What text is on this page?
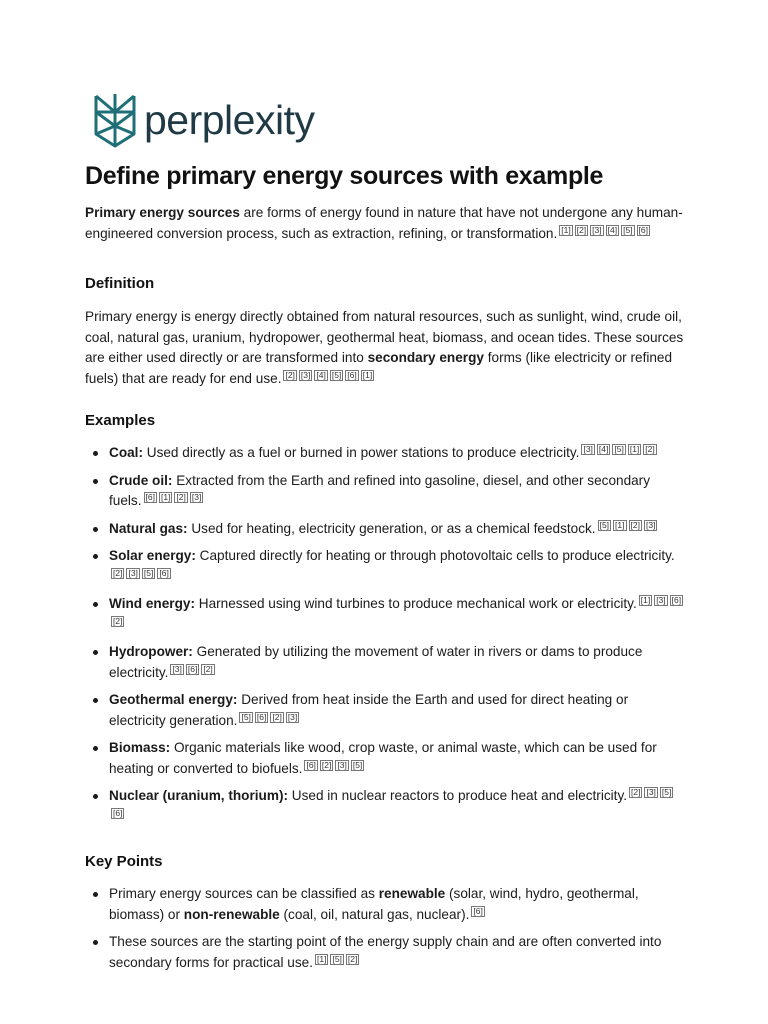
perplexity
Define primary energy sources with example

Primary energy sources are forms of energy found in nature that have not undergone any human-engineered conversion process, such as extraction, refining, or transformation. [1] [2] [3] [4] [5] [6]

Definition

Primary energy is energy directly obtained from natural resources, such as sunlight, wind, crude oil, coal, natural gas, uranium, hydropower, geothermal heat, biomass, and ocean tides. These sources are either used directly or are transformed into secondary energy forms (like electricity or refined fuels) that are ready for end use. [2] [3] [4] [5] [6] [1]

Examples
Coal: Used directly as a fuel or burned in power stations to produce electricity. [3] [4] [5] [1] [2]
Crude oil: Extracted from the Earth and refined into gasoline, diesel, and other secondary fuels. [6] [1] [2] [3]
Natural gas: Used for heating, electricity generation, or as a chemical feedstock. [5] [1] [2] [3]
Solar energy: Captured directly for heating or through photovoltaic cells to produce electricity.[2] [3] [5] [6]
Wind energy: Harnessed using wind turbines to produce mechanical work or electricity. [1] [3] [6][2]
Hydropower: Generated by utilizing the movement of water in rivers or dams to produce electricity. [3] [6] [2]
Geothermal energy: Derived from heat inside the Earth and used for direct heating or electricity generation. [5] [6] [2] [3]
Biomass: Organic materials like wood, crop waste, or animal waste, which can be used for heating or converted to biofuels. [6] [2] [3] [5]
Nuclear (uranium, thorium): Used in nuclear reactors to produce heat and electricity. [2] [3] [5][6]
Key Points
Primary energy sources can be classified as renewable (solar, wind, hydro, geothermal, biomass) or non-renewable (coal, oil, natural gas, nuclear). [6]
These sources are the starting point of the energy supply chain and are often converted into secondary forms for practical use. [1] [5] [2]
